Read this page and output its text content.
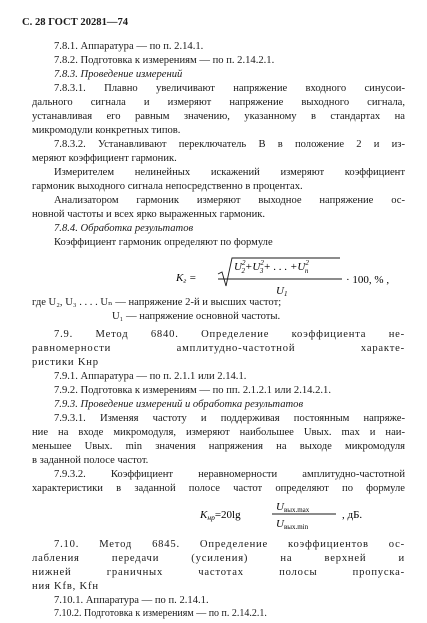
С. 28 ГОСТ 20281—74
7.8.1. Аппаратура — по п. 2.14.1.
7.8.2. Подготовка к измерениям — по п. 2.14.2.1.
7.8.3. Проведение измерений
7.8.3.1. Плавно увеличивают напряжение входного синусои-
дального сигнала и измеряют напряжение выходного сигнала,
устанавливая его равным значению, указанному в стандартах на
микромодули конкретных типов.
7.8.3.2. Устанавливают переключатель B в положение 2 и из-
меряют коэффициент гармоник.
Измерителем нелинейных искажений измеряют коэффициент
гармоник выходного сигнала непосредственно в процентах.
Анализатором гармоник измеряют выходное напряжение ос-
новной частоты и всех ярко выраженных гармоник.
7.8.4. Обработка результатов
Коэффициент гармоник определяют по формуле
Kг =
$U^2$ $2+U^2$ 3+ . . . $+U^2$ n
U1
· 100, % ,
где U₂, U₃ . . . . Uₙ — напряжение 2-й и высших частот;
U₁ — напряжение основной частоты.
7.9. Метод 6840. Определение коэффициента не-
равномерности амплитудно-частотной характе-
ристики Kнр
7.9.1. Аппаратура — по п. 2.1.1 или 2.14.1.
7.9.2. Подготовка к измерениям — по пп. 2.1.2.1 или 2.14.2.1.
7.9.3. Проведение измерений и обработка результатов
7.9.3.1. Изменяя частоту и поддерживая постоянным напряже-
ние на входе микромодуля, измеряют наибольшее Uвых. max и наи-
меньшее Uвых. min значения напряжения на выходе микромодуля
в заданной полосе частот.
7.9.3.2. Коэффициент неравномерности амплитудно-частотной
характеристики в заданной полосе частот определяют по формуле
Kнр=20lg
Uвых.max
Uвых.min
, дБ.
7.10. Метод 6845. Определение коэффициентов ос-
лабления передачи (усиления) на верхней и
нижней граничных частотах полосы пропуска-
ния Kfв, Kfн
7.10.1. Аппаратура — по п. 2.14.1.
7.10.2. Подготовка к измерениям — по п. 2.14.2.1.
